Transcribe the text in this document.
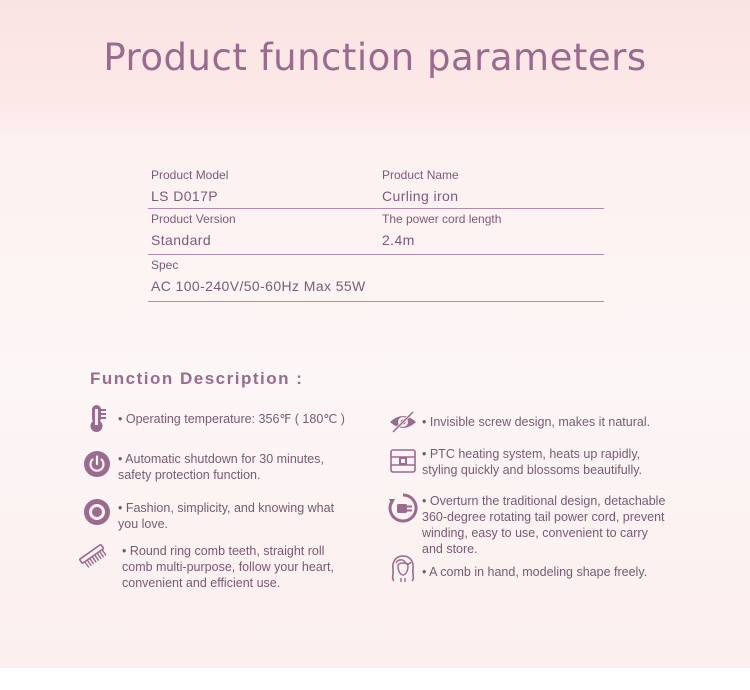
Product function parameters
Product Model
LS D017P
Product Name
Curling iron
Product Version
Standard
The power cord length
2.4m
Spec
AC 100-240V/50-60Hz Max 55W
Function Description :
• Operating temperature: 356℉ ( 180℃ )
• Automatic shutdown for 30 minutes,
safety protection function.
• Fashion, simplicity, and knowing what
you love.
• Round ring comb teeth, straight roll
comb multi-purpose, follow your heart,
convenient and efficient use.
• Invisible screw design, makes it natural.
• PTC heating system, heats up rapidly,
styling quickly and blossoms beautifully.
• Overturn the traditional design, detachable
360-degree rotating tail power cord, prevent
winding, easy to use, convenient to carry
and store.
• A comb in hand, modeling shape freely.
